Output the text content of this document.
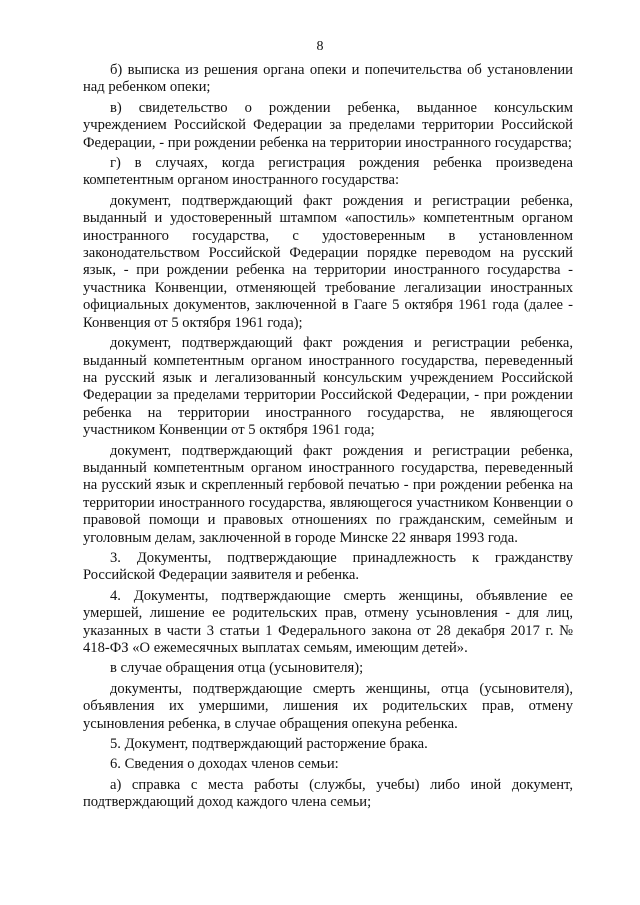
8

б) выписка из решения органа опеки и попечительства об установлении над ребенком опеки;

в) свидетельство о рождении ребенка, выданное консульским учреждением Российской Федерации за пределами территории Российской Федерации, - при рождении ребенка на территории иностранного государства;

г) в случаях, когда регистрация рождения ребенка произведена компетентным органом иностранного государства:

документ, подтверждающий факт рождения и регистрации ребенка, выданный и удостоверенный штампом «апостиль» компетентным органом иностранного государства, с удостоверенным в установленном законодательством Российской Федерации порядке переводом на русский язык, - при рождении ребенка на территории иностранного государства - участника Конвенции, отменяющей требование легализации иностранных официальных документов, заключенной в Гааге 5 октября 1961 года (далее - Конвенция от 5 октября 1961 года);

документ, подтверждающий факт рождения и регистрации ребенка, выданный компетентным органом иностранного государства, переведенный на русский язык и легализованный консульским учреждением Российской Федерации за пределами территории Российской Федерации, - при рождении ребенка на территории иностранного государства, не являющегося участником Конвенции от 5 октября 1961 года;

документ, подтверждающий факт рождения и регистрации ребенка, выданный компетентным органом иностранного государства, переведенный на русский язык и скрепленный гербовой печатью - при рождении ребенка на территории иностранного государства, являющегося участником Конвенции о правовой помощи и правовых отношениях по гражданским, семейным и уголовным делам, заключенной в городе Минске 22 января 1993 года.

3. Документы, подтверждающие принадлежность к гражданству Российской Федерации заявителя и ребенка.

4. Документы, подтверждающие смерть женщины, объявление ее умершей, лишение ее родительских прав, отмену усыновления - для лиц, указанных в части 3 статьи 1 Федерального закона от 28 декабря 2017 г. № 418-ФЗ «О ежемесячных выплатах семьям, имеющим детей».

в случае обращения отца (усыновителя);

документы, подтверждающие смерть женщины, отца (усыновителя), объявления их умершими, лишения их родительских прав, отмену усыновления ребенка, в случае обращения опекуна ребенка.

5. Документ, подтверждающий расторжение брака.

6. Сведения о доходах членов семьи:

а) справка с места работы (службы, учебы) либо иной документ, подтверждающий доход каждого члена семьи;
